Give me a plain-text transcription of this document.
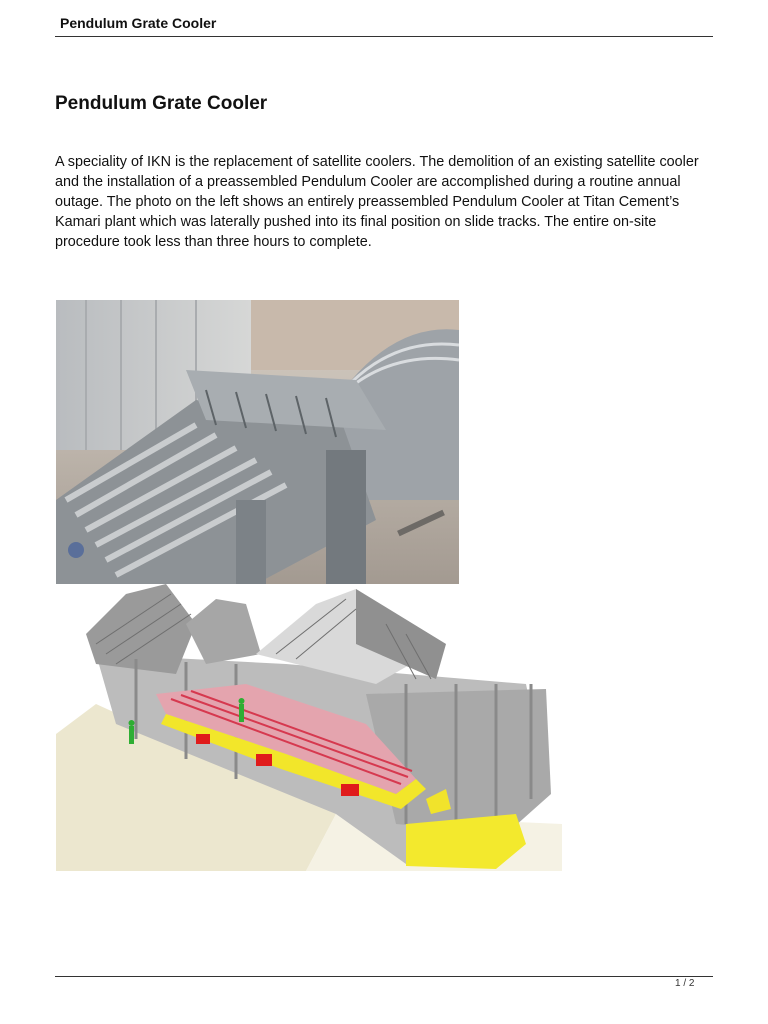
Pendulum Grate Cooler
Pendulum Grate Cooler

A speciality of IKN is the replacement of satellite coolers. The demolition of an existing satellite cooler and the installation of a preassembled Pendulum Cooler are accomplished during a routine annual outage. The photo on the left shows an entirely preassembled Pendulum Cooler at Titan Cement’s Kamari plant which was laterally pushed into its final position on slide tracks. The entire on-site procedure took less than three hours to complete.

1 / 2
